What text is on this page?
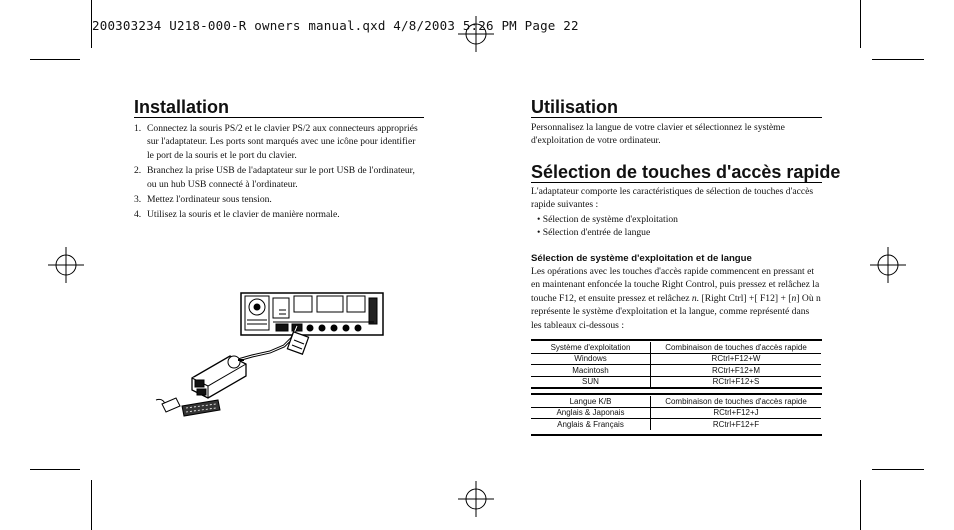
200303234 U218-000-R owners manual.qxd 4/8/2003 5:26 PM Page 22
Installation
1. Connectez la souris PS/2 et le clavier PS/2 aux connecteurs appropriés sur l'adaptateur. Les ports sont marqués avec une icône pour identifier le port de la souris et le port du clavier.
2. Branchez la prise USB de l'adaptateur sur le port USB de l'ordinateur, ou un hub USB connecté à l'ordinateur.
3. Mettez l'ordinateur sous tension.
4. Utilisez la souris et le clavier de manière normale.
Utilisation
Personnalisez la langue de votre clavier et sélectionnez le système d'exploitation de votre ordinateur.
Sélection de touches d'accès rapide
L'adaptateur comporte les caractéristiques de sélection de touches d'accès rapide suivantes :
• Sélection de système d'exploitation
• Sélection d'entrée de langue
Sélection de système d'exploitation et de langue
Les opérations avec les touches d'accès rapide commencent en pressant et en maintenant enfoncée la touche Right Control, puis pressez et relâchez la touche F12, et ensuite pressez et relâchez n. [Right Ctrl] +[ F12] + [n] Où n représente le système d'exploitation et la langue, comme représenté dans les tableaux ci-dessous :
Système d'exploitation	Combinaison de touches d'accès rapide
Windows	RCtrl+F12+W
Macintosh	RCtrl+F12+M
SUN	RCtrl+F12+S
Langue K/B	Combinaison de touches d'accès rapide
Anglais & Japonais	RCtrl+F12+J
Anglais & Français	RCtrl+F12+F
